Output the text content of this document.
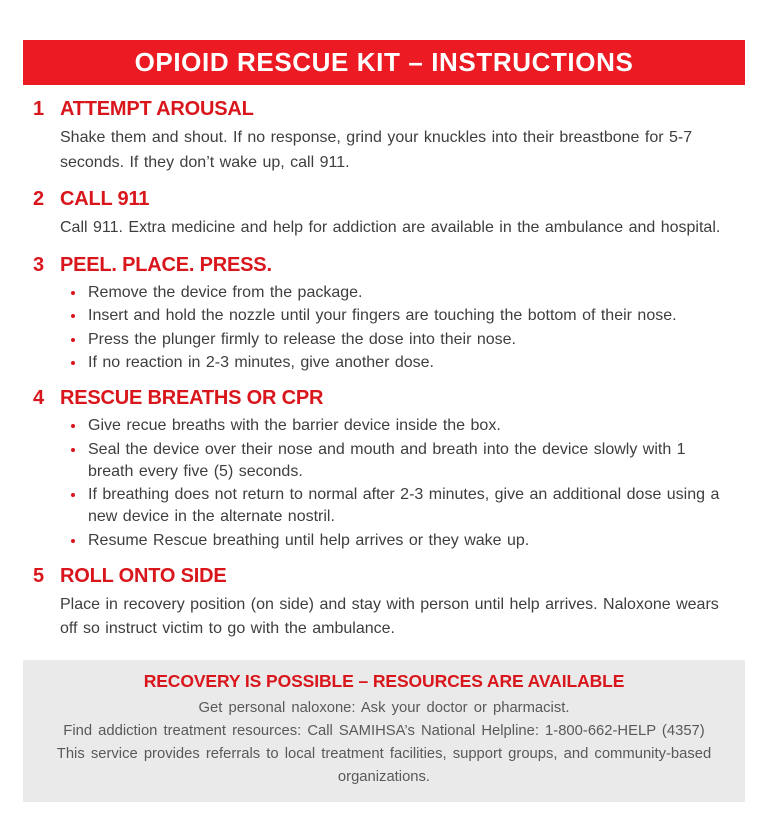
OPIOID RESCUE KIT – INSTRUCTIONS
1 ATTEMPT AROUSAL

Shake them and shout. If no response, grind your knuckles into their breastbone for 5-7 seconds. If they don’t wake up, call 911.

2 CALL 911

Call 911. Extra medicine and help for addiction are available in the ambulance and hospital.

3 PEEL. PLACE. PRESS.
• Remove the device from the package.
• Insert and hold the nozzle until your fingers are touching the bottom of their nose.
• Press the plunger firmly to release the dose into their nose.
• If no reaction in 2-3 minutes, give another dose.
4 RESCUE BREATHS OR CPR
• Give recue breaths with the barrier device inside the box.
• Seal the device over their nose and mouth and breath into the device slowly with 1 breath every five (5) seconds.
• If breathing does not return to normal after 2-3 minutes, give an additional dose using a new device in the alternate nostril.
• Resume Rescue breathing until help arrives or they wake up.
5 ROLL ONTO SIDE

Place in recovery position (on side) and stay with person until help arrives. Naloxone wears off so instruct victim to go with the ambulance.

RECOVERY IS POSSIBLE – RESOURCES ARE AVAILABLE

Get personal naloxone: Ask your doctor or pharmacist.

Find addiction treatment resources: Call SAMIHSA’s National Helpline: 1-800-662-HELP (4357)

This service provides referrals to local treatment facilities, support groups, and community-based organizations.
